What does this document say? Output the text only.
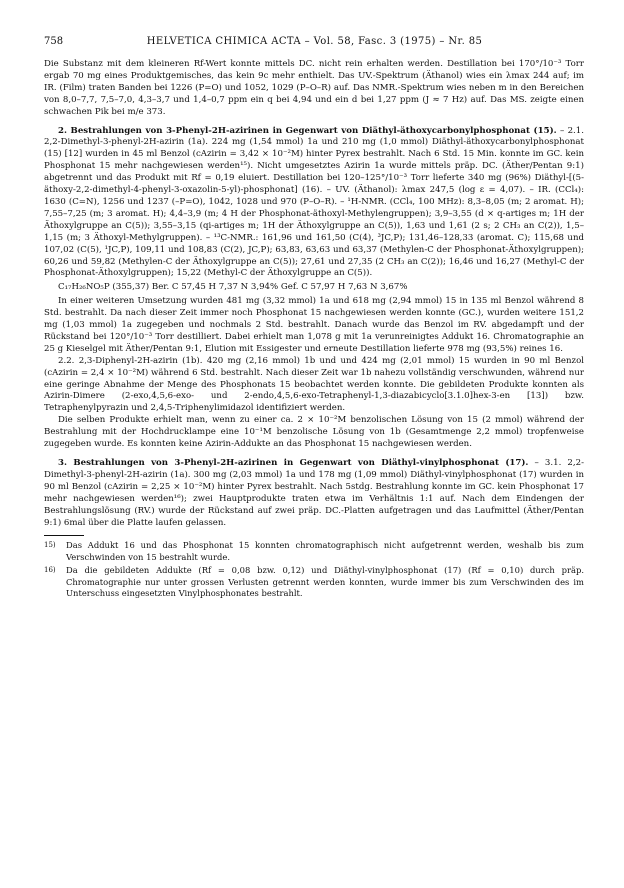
758	HELVETICA CHIMICA ACTA – Vol. 58, Fasc. 3 (1975) – Nr. 85

Die Substanz mit dem kleineren Rf-Wert konnte mittels DC. nicht rein erhalten werden. Destillation bei 170°/10⁻³ Torr ergab 70 mg eines Produktgemisches, das kein 9c mehr enthielt. Das UV.-Spektrum (Äthanol) wies ein λmax 244 auf; im IR. (Film) traten Banden bei 1226 (P=O) und 1052, 1029 (P–O–R) auf. Das NMR.-Spektrum wies neben m in den Bereichen von 8,0–7,7, 7,5–7,0, 4,3–3,7 und 1,4–0,7 ppm ein q bei 4,94 und ein d bei 1,27 ppm (J ≈ 7 Hz) auf. Das MS. zeigte einen schwachen Pik bei m/e 373.

2. Bestrahlungen von 3-Phenyl-2H-azirinen in Gegenwart von Diäthyl-äthoxycarbonylphosphonat (15). – 2.1. 2,2-Dimethyl-3-phenyl-2H-azirin (1a). 224 mg (1,54 mmol) 1a und 210 mg (1,0 mmol) Diäthyl-äthoxycarbonylphosphonat (15) [12] wurden in 45 ml Benzol (cAzirin = 3,42 × 10⁻²M) hinter Pyrex bestrahlt. Nach 6 Std. 15 Min. konnte im GC. kein Phosphonat 15 mehr nachgewiesen werden¹⁵). Nicht umgesetztes Azirin 1a wurde mittels präp. DC. (Äther/Pentan 9:1) abgetrennt und das Produkt mit Rf = 0,19 eluiert. Destillation bei 120–125°/10⁻³ Torr lieferte 340 mg (96%) Diäthyl-[(5-äthoxy-2,2-dimethyl-4-phenyl-3-oxazolin-5-yl)-phosphonat] (16). – UV. (Äthanol): λmax 247,5 (log ε = 4,07). – IR. (CCl₄): 1630 (C=N), 1256 und 1237 (–P=O), 1042, 1028 und 970 (P–O–R). – ¹H-NMR. (CCl₄, 100 MHz): 8,3–8,05 (m; 2 aromat. H); 7,55–7,25 (m; 3 aromat. H); 4,4–3,9 (m; 4 H der Phosphonat-äthoxyl-Methylengruppen); 3,9–3,55 (d × q-artiges m; 1H der Äthoxylgruppe an C(5)); 3,55–3,15 (qi-artiges m; 1H der Äthoxylgruppe an C(5)), 1,63 und 1,61 (2 s; 2 CH₃ an C(2)), 1,5–1,15 (m; 3 Äthoxyl-Methylgruppen). – ¹³C-NMR.: 161,96 und 161,50 (C(4), ³JC,P); 131,46–128,33 (aromat. C); 115,68 und 107,02 (C(5), ¹JC,P), 109,11 und 108,83 (C(2), JC,P); 63,83, 63,63 und 63,37 (Methylen-C der Phosphonat-Äthoxylgruppen); 60,26 und 59,82 (Methylen-C der Äthoxylgruppe an C(5)); 27,61 und 27,35 (2 CH₃ an C(2)); 16,46 und 16,27 (Methyl-C der Phosphonat-Äthoxylgruppen); 15,22 (Methyl-C der Äthoxylgruppe an C(5)).

C₁₇H₂₆NO₅P (355,37) Ber. C 57,45 H 7,37 N 3,94% Gef. C 57,97 H 7,63 N 3,67%

In einer weiteren Umsetzung wurden 481 mg (3,32 mmol) 1a und 618 mg (2,94 mmol) 15 in 135 ml Benzol während 8 Std. bestrahlt. Da nach dieser Zeit immer noch Phosphonat 15 nachgewiesen werden konnte (GC.), wurden weitere 151,2 mg (1,03 mmol) 1a zugegeben und nochmals 2 Std. bestrahlt. Danach wurde das Benzol im RV. abgedampft und der Rückstand bei 120°/10⁻³ Torr destilliert. Dabei erhielt man 1,078 g mit 1a verunreinigtes Addukt 16. Chromatographie an 25 g Kieselgel mit Äther/Pentan 9:1, Elution mit Essigester und erneute Destillation lieferte 978 mg (93,5%) reines 16.

2.2. 2,3-Diphenyl-2H-azirin (1b). 420 mg (2,16 mmol) 1b und und 424 mg (2,01 mmol) 15 wurden in 90 ml Benzol (cAzirin = 2,4 × 10⁻²M) während 6 Std. bestrahlt. Nach dieser Zeit war 1b nahezu vollständig verschwunden, während nur eine geringe Abnahme der Menge des Phosphonats 15 beobachtet werden konnte. Die gebildeten Produkte konnten als Azirin-Dimere (2-exo,4,5,6-exo- und 2-endo,4,5,6-exo-Tetraphenyl-1,3-diazabicyclo[3.1.0]hex-3-en [13]) bzw. Tetraphenylpyrazin und 2,4,5-Triphenylimidazol identifiziert werden.

Die selben Produkte erhielt man, wenn zu einer ca. 2 × 10⁻²M benzolischen Lösung von 15 (2 mmol) während der Bestrahlung mit der Hochdrucklampe eine 10⁻¹M benzolische Lösung von 1b (Gesamtmenge 2,2 mmol) tropfenweise zugegeben wurde. Es konnten keine Azirin-Addukte an das Phosphonat 15 nachgewiesen werden.

3. Bestrahlungen von 3-Phenyl-2H-azirinen in Gegenwart von Diäthyl-vinylphosphonat (17). – 3.1. 2,2-Dimethyl-3-phenyl-2H-azirin (1a). 300 mg (2,03 mmol) 1a und 178 mg (1,09 mmol) Diäthyl-vinylphosphonat (17) wurden in 90 ml Benzol (cAzirin = 2,25 × 10⁻²M) hinter Pyrex bestrahlt. Nach 5stdg. Bestrahlung konnte im GC. kein Phosphonat 17 mehr nachgewiesen werden¹⁶); zwei Hauptprodukte traten etwa im Verhältnis 1:1 auf. Nach dem Eindengen der Bestrahlungslösung (RV.) wurde der Rückstand auf zwei präp. DC.-Platten aufgetragen und das Laufmittel (Äther/Pentan 9:1) 6mal über die Platte laufen gelassen.

15)	Das Addukt 16 und das Phosphonat 15 konnten chromatographisch nicht aufgetrennt werden, weshalb bis zum Verschwinden von 15 bestrahlt wurde.
16)	Da die gebildeten Addukte (Rf = 0,08 bzw. 0,12) und Diäthyl-vinylphosphonat (17) (Rf = 0,10) durch präp. Chromatographie nur unter grossen Verlusten getrennt werden konnten, wurde immer bis zum Verschwinden des im Unterschuss eingesetzten Vinylphosphonates bestrahlt.
